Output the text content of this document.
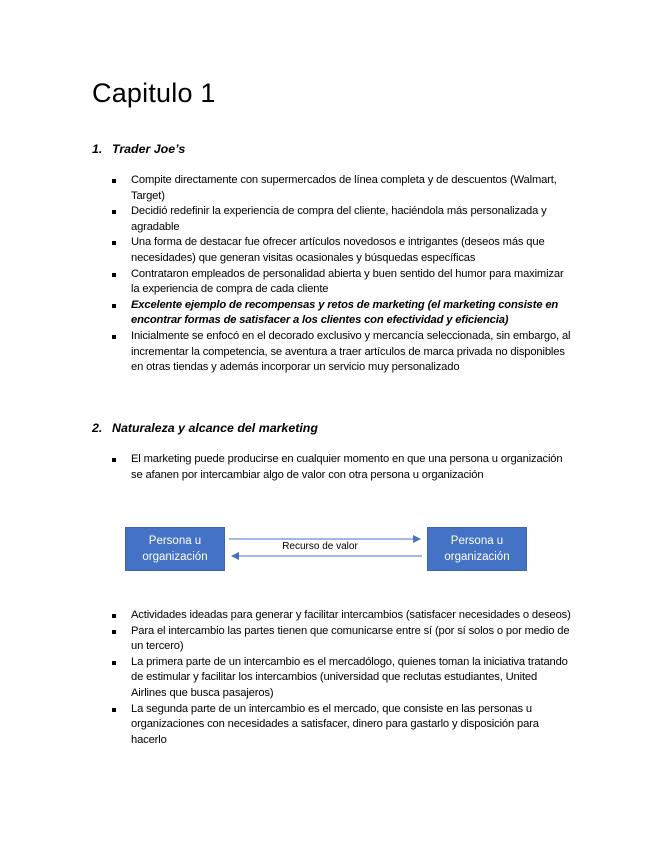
Capitulo 1
1. Trader Joe’s
Compite directamente con supermercados de línea completa y de descuentos (Walmart, Target)
Decidió redefinir la experiencia de compra del cliente, haciéndola más personalizada y agradable
Una forma de destacar fue ofrecer artículos novedosos e intrigantes (deseos más que necesidades) que generan visitas ocasionales y búsquedas específicas
Contrataron empleados de personalidad abierta y buen sentido del humor para maximizar la experiencia de compra de cada cliente
Excelente ejemplo de recompensas y retos de marketing (el marketing consiste en encontrar formas de satisfacer a los clientes con efectividad y eficiencia)
Inicialmente se enfocó en el decorado exclusivo y mercancía seleccionada, sin embargo, al incrementar la competencia, se aventura a traer artículos de marca privada no disponibles en otras tiendas y además incorporar un servicio muy personalizado
2. Naturaleza y alcance del marketing
El marketing puede producirse en cualquier momento en que una persona u organización se afanen por intercambiar algo de valor con otra persona u organización
Persona u organización
Persona u organización
Recurso de valor
Actividades ideadas para generar y facilitar intercambios (satisfacer necesidades o deseos)
Para el intercambio las partes tienen que comunicarse entre sí (por sí solos o por medio de un tercero)
La primera parte de un intercambio es el mercadólogo, quienes toman la iniciativa tratando de estimular y facilitar los intercambios (universidad que reclutas estudiantes, United Airlines que busca pasajeros)
La segunda parte de un intercambio es el mercado, que consiste en las personas u organizaciones con necesidades a satisfacer, dinero para gastarlo y disposición para hacerlo
